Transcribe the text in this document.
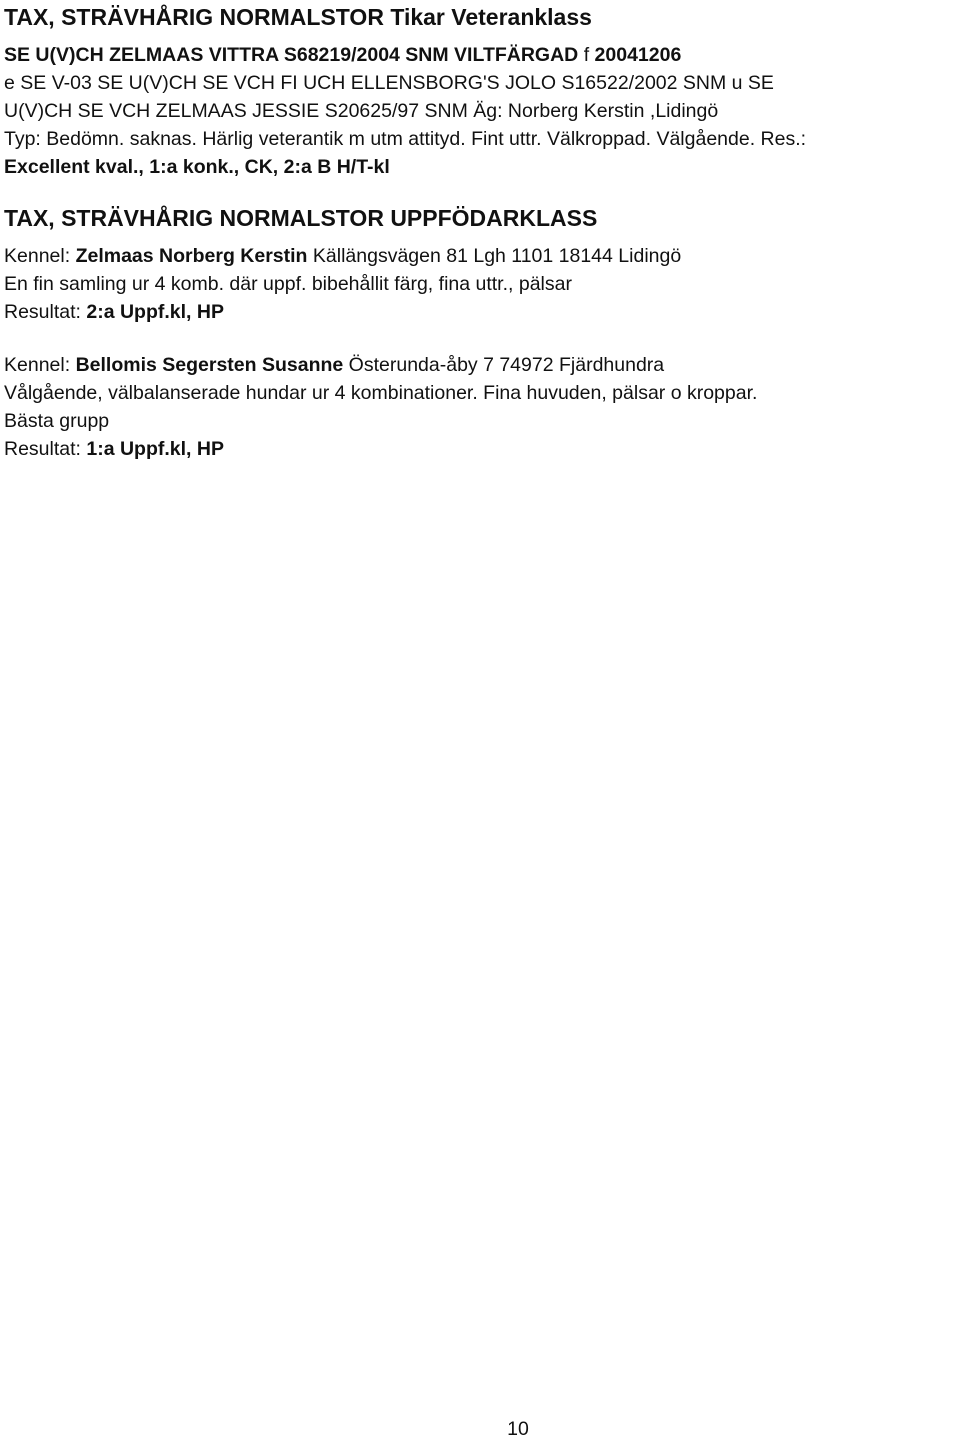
TAX, STRÄVHÅRIG NORMALSTOR Tikar Veteranklass
SE U(V)CH ZELMAAS VITTRA S68219/2004 SNM VILTFÄRGAD f 20041206
e SE V-03 SE U(V)CH SE VCH FI UCH ELLENSBORG'S JOLO S16522/2002 SNM u SE
U(V)CH SE VCH ZELMAAS JESSIE S20625/97 SNM Äg: Norberg Kerstin ,Lidingö
Typ: Bedömn. saknas. Härlig veterantik m utm attityd. Fint uttr. Välkroppad. Välgående. Res.:
Excellent kval., 1:a konk., CK, 2:a B H/T-kl
TAX, STRÄVHÅRIG NORMALSTOR UPPFÖDARKLASS
Kennel: Zelmaas Norberg Kerstin Källängsvägen 81 Lgh 1101 18144 Lidingö
En fin samling ur 4 komb. där uppf. bibehållit färg, fina uttr., pälsar
Resultat: 2:a Uppf.kl, HP
Kennel: Bellomis Segersten Susanne Österunda-åby 7 74972 Fjärdhundra
Vålgående, välbalanserade hundar ur 4 kombinationer. Fina huvuden, pälsar o kroppar.
Bästa grupp
Resultat: 1:a Uppf.kl, HP
10
